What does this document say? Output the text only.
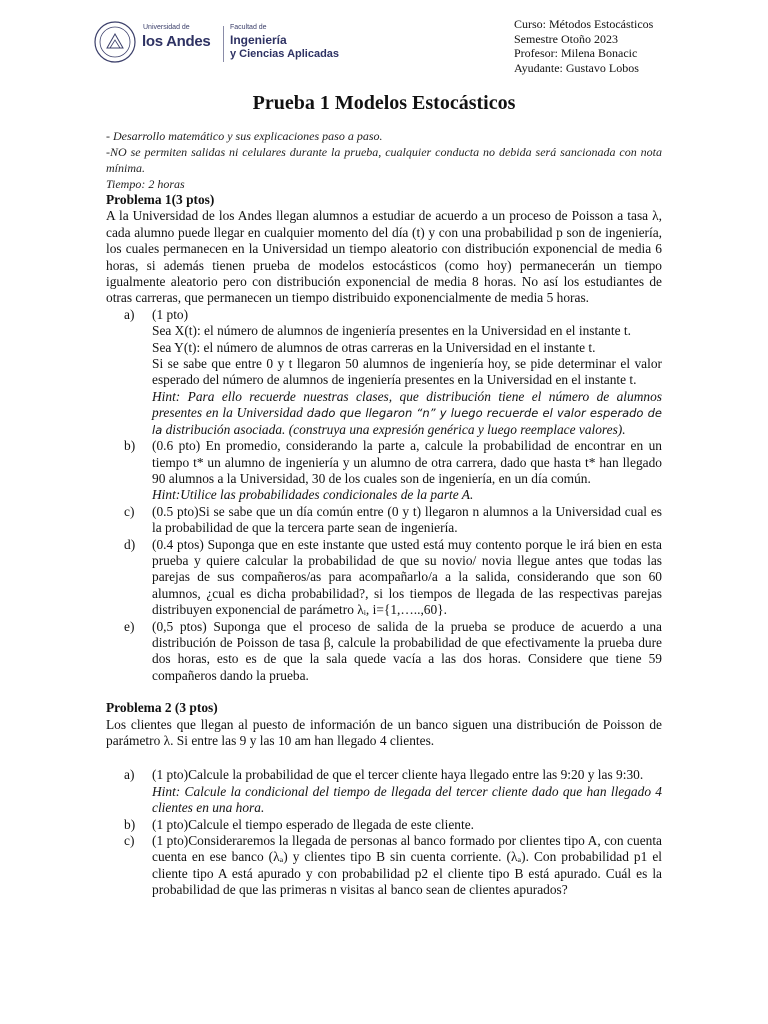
Universidad de
los Andes
Facultad de
Ingeniería
y Ciencias Aplicadas
Curso: Métodos Estocásticos
Semestre Otoño 2023
Profesor: Milena Bonacic
Ayudante: Gustavo Lobos
Prueba 1 Modelos Estocásticos

- Desarrollo matemático y sus explicaciones paso a paso.

-NO se permiten salidas ni celulares durante la prueba, cualquier conducta no debida será sancionada con nota mínima.

Tiempo: 2 horas

Problema 1(3 ptos)

A la Universidad de los Andes llegan alumnos a estudiar de acuerdo a un proceso de Poisson a tasa λ, cada alumno puede llegar en cualquier momento del día (t) y con una probabilidad p son de ingeniería, los cuales permanecen en la Universidad un tiempo aleatorio con distribución exponencial de media 6 horas, si además tienen prueba de modelos estocásticos (como hoy) permanecerán un tiempo igualmente aleatorio pero con distribución exponencial de media 8 horas. No así los estudiantes de otras carreras, que permanecen un tiempo distribuido exponencialmente de media 5 horas.

a) (1 pto)
Sea X(t): el número de alumnos de ingeniería presentes en la Universidad en el instante t.
Sea Y(t): el número de alumnos de otras carreras en la Universidad en el instante t.
Si se sabe que entre 0 y t llegaron 50 alumnos de ingeniería hoy, se pide determinar el valor esperado del número de alumnos de ingeniería presentes en la Universidad en el instante t.
Hint: Para ello recuerde nuestras clases, que distribución tiene el número de alumnos presentes en la Universidad dado que llegaron “n” y luego recuerde el valor esperado de la distribución asociada. (construya una expresión genérica y luego reemplace valores).
b) (0.6 pto) En promedio, considerando la parte a, calcule la probabilidad de encontrar en un tiempo t* un alumno de ingeniería y un alumno de otra carrera, dado que hasta t* han llegado 90 alumnos a la Universidad, 30 de los cuales son de ingeniería, en un día común.
Hint:Utilice las probabilidades condicionales de la parte A.
c) (0.5 pto)Si se sabe que un día común entre (0 y t) llegaron n alumnos a la Universidad cual es la probabilidad de que la tercera parte sean de ingeniería.
d) (0.4 ptos) Suponga que en este instante que usted está muy contento porque le irá bien en esta prueba y quiere calcular la probabilidad de que su novio/ novia llegue antes que todas las parejas de sus compañeros/as para acompañarlo/a a la salida, considerando que son 60 alumnos, ¿cual es dicha probabilidad?, si los tiempos de llegada de las respectivas parejas distribuyen exponencial de parámetro λᵢ, i={1,…..,60}.
e) (0,5 ptos) Suponga que el proceso de salida de la prueba se produce de acuerdo a una distribución de Poisson de tasa β, calcule la probabilidad de que efectivamente la prueba dure dos horas, esto es de que la sala quede vacía a las dos horas. Considere que tiene 59 compañeros dando la prueba.

Problema 2 (3 ptos)

Los clientes que llegan al puesto de información de un banco siguen una distribución de Poisson de parámetro λ. Si entre las 9 y las 10 am han llegado 4 clientes.

a) (1 pto)Calcule la probabilidad de que el tercer cliente haya llegado entre las 9:20 y las 9:30.
Hint: Calcule la condicional del tiempo de llegada del tercer cliente dado que han llegado 4 clientes en una hora.
b) (1 pto)Calcule el tiempo esperado de llegada de este cliente.
c) (1 pto)Consideraremos la llegada de personas al banco formado por clientes tipo A, con cuenta cuenta en ese banco (λₐ) y clientes tipo B sin cuenta corriente. (λₐ). Con probabilidad p1 el cliente tipo A está apurado y con probabilidad p2 el cliente tipo B está apurado. Cuál es la probabilidad de que las primeras n visitas al banco sean de clientes apurados?
